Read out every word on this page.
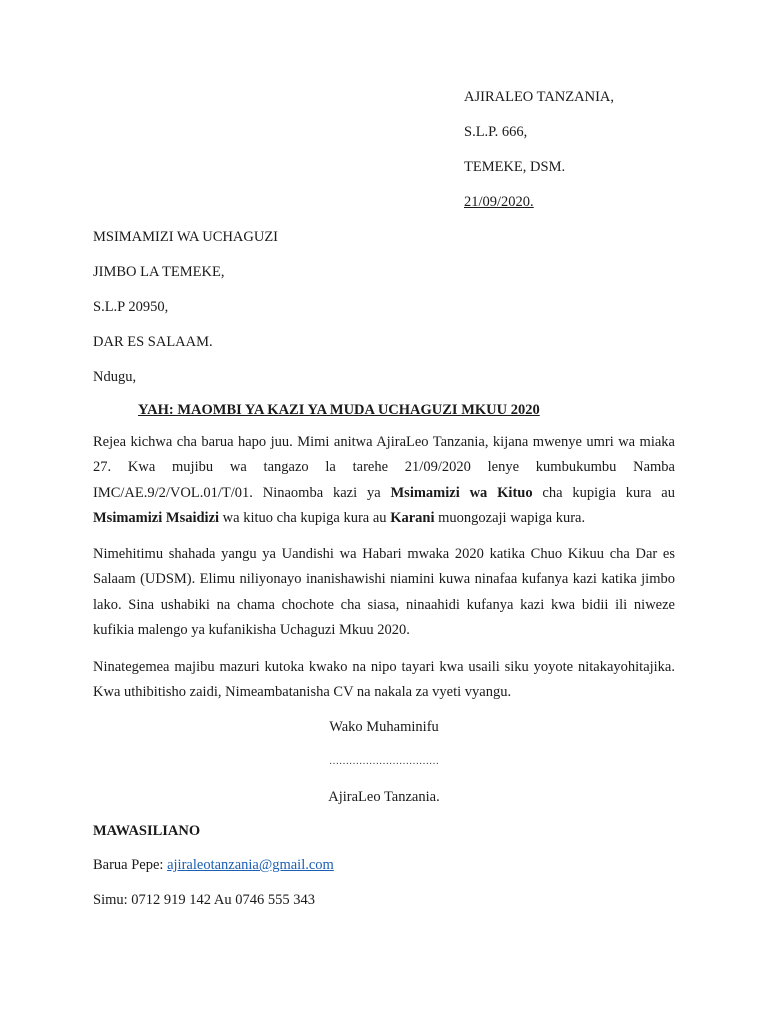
AJIRALEO TANZANIA,
S.L.P. 666,
TEMEKE, DSM.
21/09/2020.
MSIMAMIZI WA UCHAGUZI
JIMBO LA TEMEKE,
S.L.P 20950,
DAR ES SALAAM.
Ndugu,
YAH: MAOMBI YA KAZI YA MUDA UCHAGUZI MKUU 2020

Rejea kichwa cha barua hapo juu. Mimi anitwa AjiraLeo Tanzania, kijana mwenye umri wa miaka 27. Kwa mujibu wa tangazo la tarehe 21/09/2020 lenye kumbukumbu Namba IMC/AE.9/2/VOL.01/T/01. Ninaomba kazi ya Msimamizi wa Kituo cha kupigia kura au Msimamizi Msaidizi wa kituo cha kupiga kura au Karani muongozaji wapiga kura.

Nimehitimu shahada yangu ya Uandishi wa Habari mwaka 2020 katika Chuo Kikuu cha Dar es Salaam (UDSM). Elimu niliyonayo inanishawishi niamini kuwa ninafaa kufanya kazi katika jimbo lako. Sina ushabiki na chama chochote cha siasa, ninaahidi kufanya kazi kwa bidii ili niweze kufikia malengo ya kufanikisha Uchaguzi Mkuu 2020.

Ninategemea majibu mazuri kutoka kwako na nipo tayari kwa usaili siku yoyote nitakayohitajika. Kwa uthibitisho zaidi, Nimeambatanisha CV na nakala za vyeti vyangu.

Wako Muhaminifu
……………………………
AjiraLeo Tanzania.
MAWASILIANO
Barua Pepe: ajiraleotanzania@gmail.com
Simu: 0712 919 142 Au 0746 555 343
